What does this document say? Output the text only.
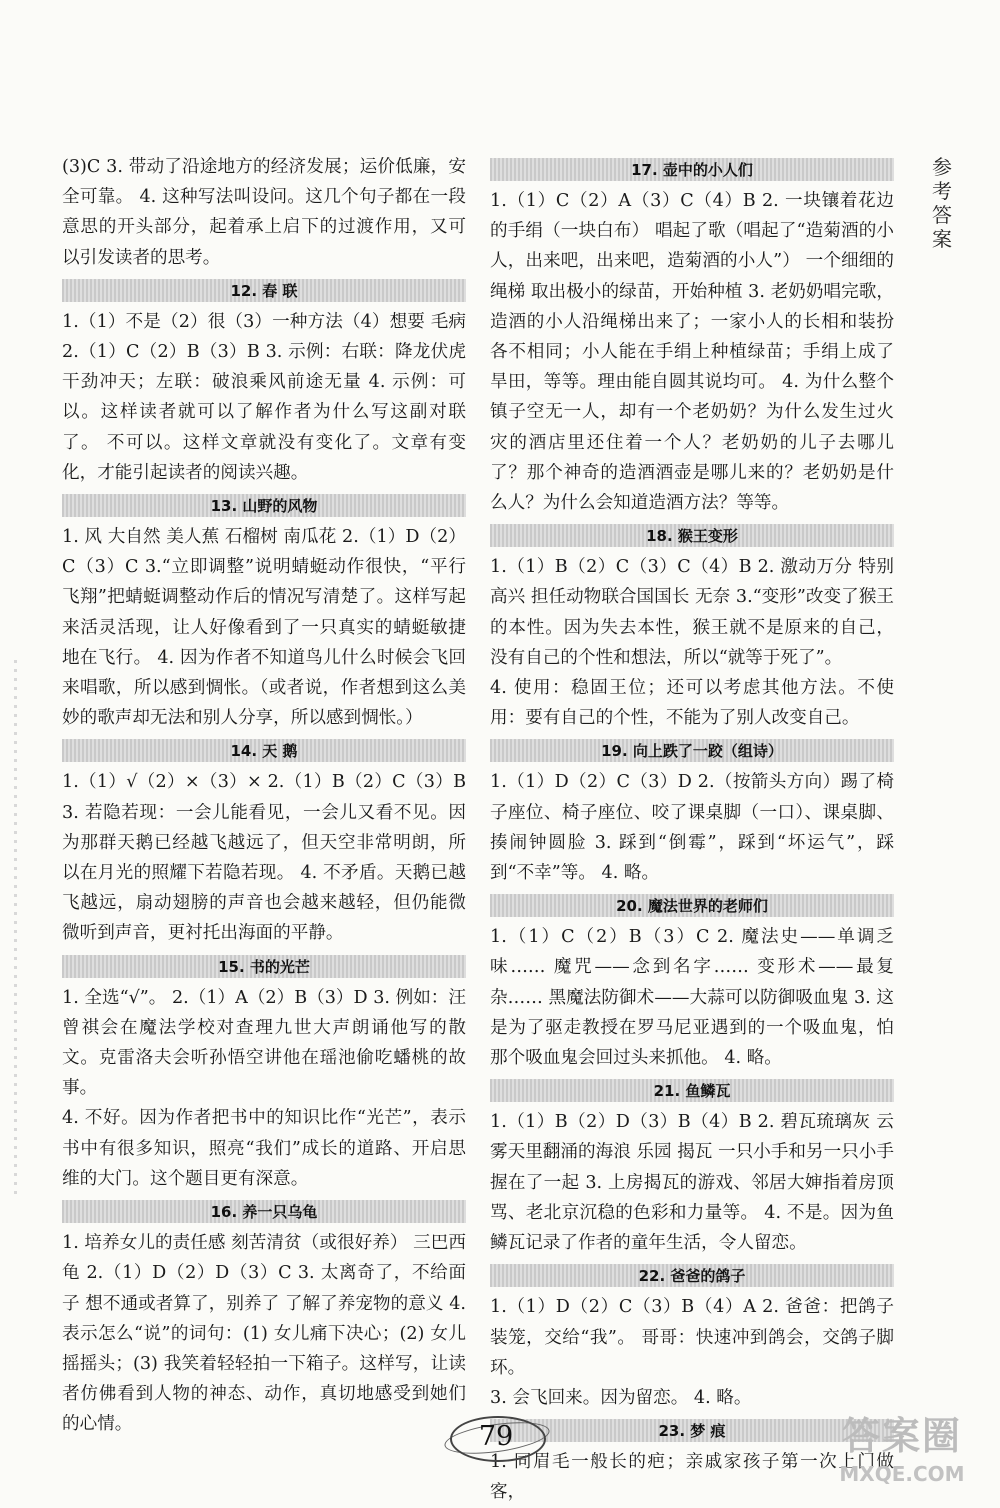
(3)C 3. 带动了沿途地方的经济发展；运价低廉，安全可靠。 4. 这种写法叫设问。这几个句子都在一段意思的开头部分，起着承上启下的过渡作用，又可以引发读者的思考。

12. 春 联

1.（1）不是（2）很（3）一种方法（4）想要 毛病 2.（1）C（2）B（3）B 3. 示例：右联：降龙伏虎干劲冲天；左联：破浪乘风前途无量 4. 示例：可以。这样读者就可以了解作者为什么写这副对联了。 不可以。这样文章就没有变化了。文章有变化，才能引起读者的阅读兴趣。

13. 山野的风物

1. 风 大自然 美人蕉 石榴树 南瓜花 2.（1）D（2）C（3）C 3.“立即调整”说明蜻蜓动作很快，“平行飞翔”把蜻蜓调整动作后的情况写清楚了。这样写起来活灵活现，让人好像看到了一只真实的蜻蜓敏捷地在飞行。 4. 因为作者不知道鸟儿什么时候会飞回来唱歌，所以感到惆怅。（或者说，作者想到这么美妙的歌声却无法和别人分享，所以感到惆怅。）

14. 天 鹅

1.（1）√（2）×（3）× 2.（1）B（2）C（3）B 3. 若隐若现：一会儿能看见，一会儿又看不见。因为那群天鹅已经越飞越远了，但天空非常明朗，所以在月光的照耀下若隐若现。 4. 不矛盾。天鹅已越飞越远，扇动翅膀的声音也会越来越轻，但仍能微微听到声音，更衬托出海面的平静。

15. 书的光芒

1. 全选“√”。 2.（1）A（2）B（3）D 3. 例如：汪曾祺会在魔法学校对查理九世大声朗诵他写的散文。克雷洛夫会听孙悟空讲他在瑶池偷吃蟠桃的故事。

4. 不好。因为作者把书中的知识比作“光芒”，表示书中有很多知识，照亮“我们”成长的道路、开启思维的大门。这个题目更有深意。

16. 养一只乌龟

1. 培养女儿的责任感 刻苦清贫（或很好养） 三巴西龟 2.（1）D（2）D（3）C 3. 太离奇了，不给面子 想不通或者算了，别养了 了解了养宠物的意义 4. 表示怎么“说”的词句：(1) 女儿痛下决心；(2) 女儿摇摇头；(3) 我笑着轻轻拍一下箱子。这样写，让读者仿佛看到人物的神态、动作，真切地感受到她们的心情。

17. 壶中的小人们

1.（1）C（2）A（3）C（4）B 2. 一块镶着花边的手绢（一块白布） 唱起了歌（唱起了“造菊酒的小人，出来吧，出来吧，造菊酒的小人”） 一个细细的绳梯 取出极小的绿苗，开始种植 3. 老奶奶唱完歌，造酒的小人沿绳梯出来了；一家小人的长相和装扮各不相同；小人能在手绢上种植绿苗；手绢上成了旱田，等等。理由能自圆其说均可。 4. 为什么整个镇子空无一人，却有一个老奶奶？为什么发生过火灾的酒店里还住着一个人？老奶奶的儿子去哪儿了？那个神奇的造酒酒壶是哪儿来的？老奶奶是什么人？为什么会知道造酒方法？等等。

18. 猴王变形

1.（1）B（2）C（3）C（4）B 2. 激动万分 特别高兴 担任动物联合国国长 无奈 3.“变形”改变了猴王的本性。因为失去本性，猴王就不是原来的自己，没有自己的个性和想法，所以“就等于死了”。

4. 使用：稳固王位；还可以考虑其他方法。不使用：要有自己的个性，不能为了别人改变自己。

19. 向上跌了一跤（组诗）

1.（1）D（2）C（3）D 2.（按箭头方向）踢了椅子座位、椅子座位、咬了课桌脚（一口）、课桌脚、揍闹钟圆脸 3. 踩到“倒霉”，踩到“坏运气”，踩到“不幸”等。 4. 略。

20. 魔法世界的老师们

1.（1）C（2）B（3）C 2. 魔法史——单调乏味…… 魔咒——念到名字…… 变形术——最复杂…… 黑魔法防御术——大蒜可以防御吸血鬼 3. 这是为了驱走教授在罗马尼亚遇到的一个吸血鬼，怕那个吸血鬼会回过头来抓他。 4. 略。

21. 鱼鳞瓦

1.（1）B（2）D（3）B（4）B 2. 碧瓦琉璃灰 云雾天里翻涌的海浪 乐园 揭瓦 一只小手和另一只小手握在了一起 3. 上房揭瓦的游戏、邻居大婶指着房顶骂、老北京沉稳的色彩和力量等。 4. 不是。因为鱼鳞瓦记录了作者的童年生活，令人留恋。

22. 爸爸的鸽子

1.（1）D（2）C（3）B（4）A 2. 爸爸：把鸽子装笼，交给“我”。 哥哥：快速冲到鸽会，交鸽子脚环。

3. 会飞回来。因为留恋。 4. 略。

23. 梦 痕

1. 同眉毛一般长的疤；亲戚家孩子第一次上门做客，

参
考
答
案
79	答案圈
MXQE.COM
